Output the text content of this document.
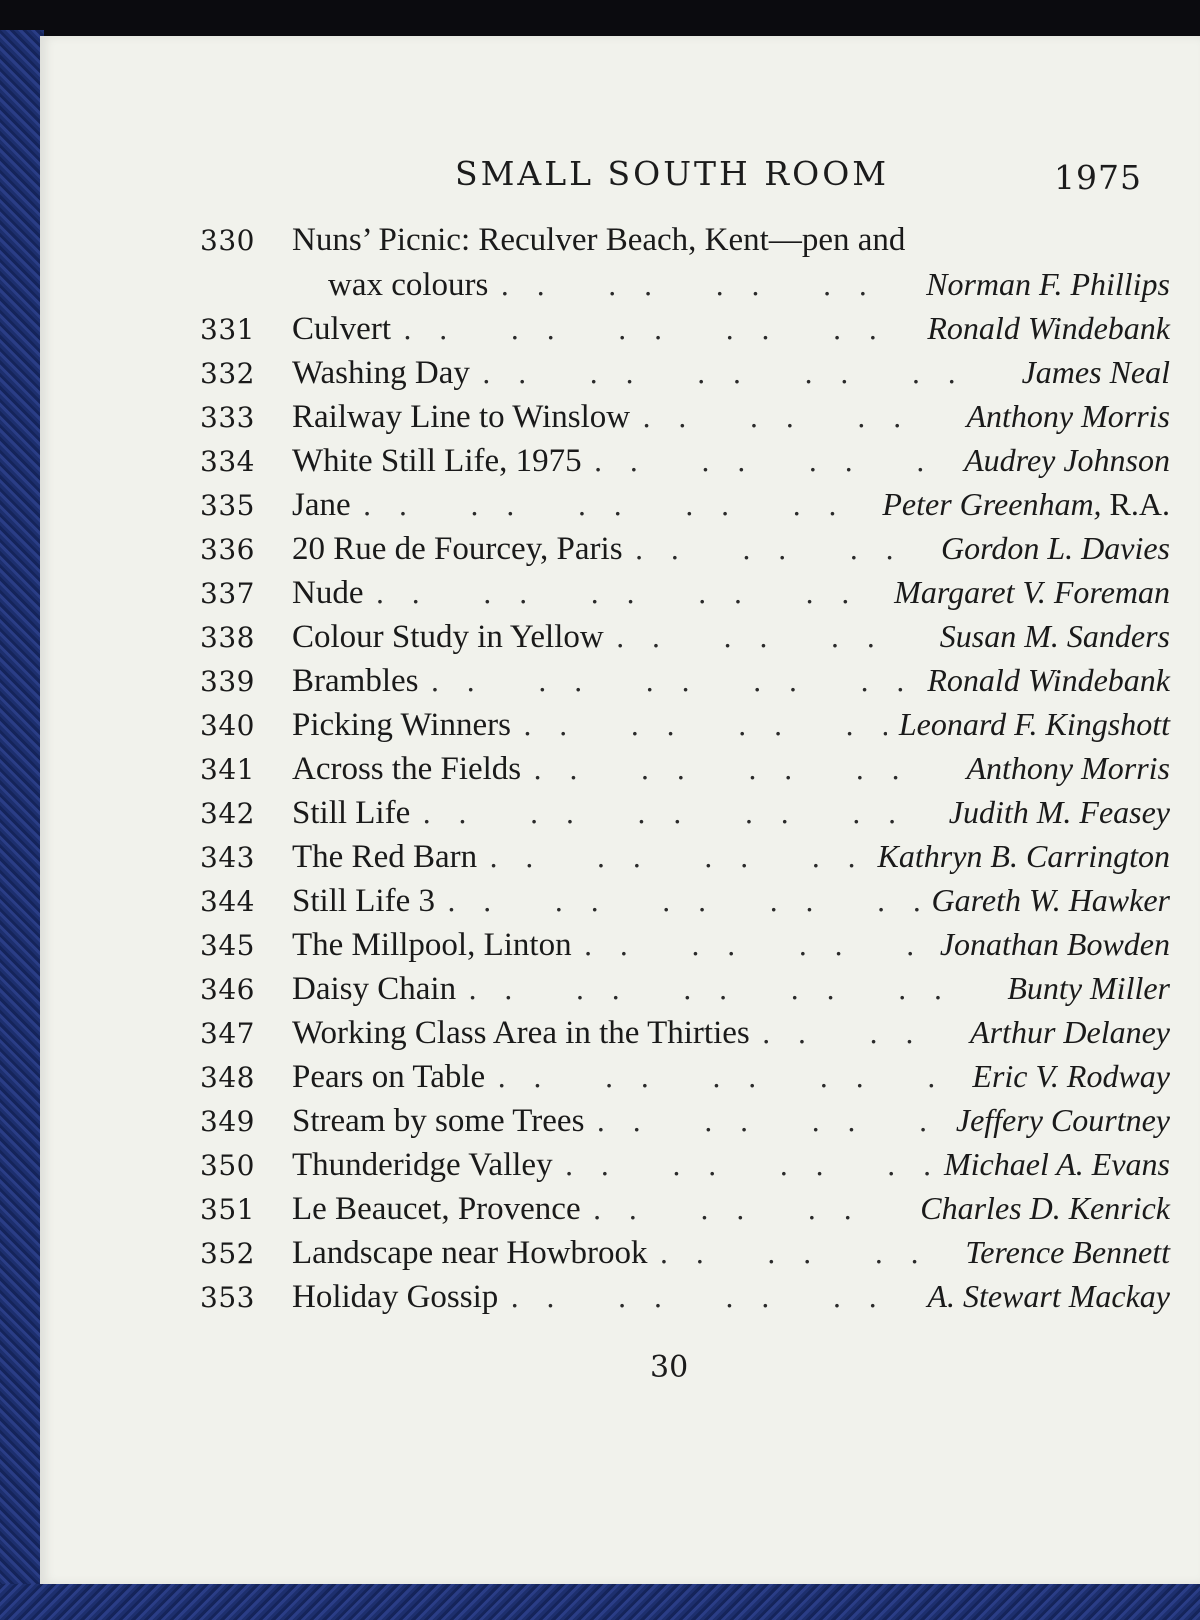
SMALL SOUTH ROOM	1975
330	Nuns’ Picnic: Reculver Beach, Kent—pen and
wax colours . .	Norman F. Phillips
331	Culvert . .	Ronald Windebank
332	Washing Day . .	James Neal
333	Railway Line to Winslow . .	Anthony Morris
334	White Still Life, 1975 . .	Audrey Johnson
335	Jane . .	Peter Greenham, R.A.
336	20 Rue de Fourcey, Paris . .	Gordon L. Davies
337	Nude . .	Margaret V. Foreman
338	Colour Study in Yellow . .	Susan M. Sanders
339	Brambles . .	Ronald Windebank
340	Picking Winners . .	Leonard F. Kingshott
341	Across the Fields . .	Anthony Morris
342	Still Life . .	Judith M. Feasey
343	The Red Barn . .	Kathryn B. Carrington
344	Still Life 3 . .	Gareth W. Hawker
345	The Millpool, Linton . .	Jonathan Bowden
346	Daisy Chain . .	Bunty Miller
347	Working Class Area in the Thirties . .	Arthur Delaney
348	Pears on Table . .	Eric V. Rodway
349	Stream by some Trees . .	Jeffery Courtney
350	Thunderidge Valley . .	Michael A. Evans
351	Le Beaucet, Provence . .	Charles D. Kenrick
352	Landscape near Howbrook . .	Terence Bennett
353	Holiday Gossip . .	A. Stewart Mackay
30
